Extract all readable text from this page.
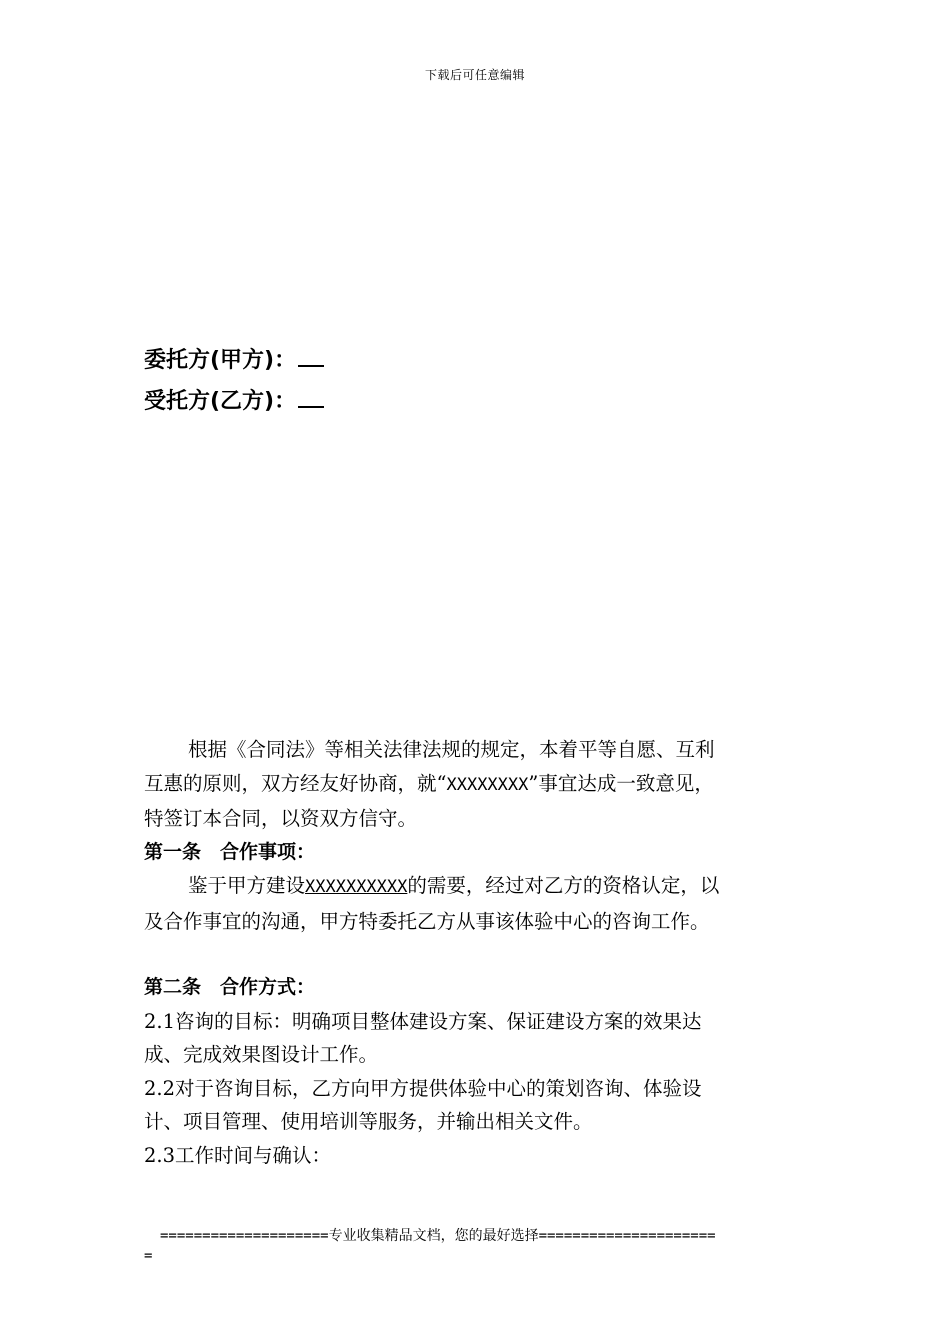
下载后可任意编辑
委托方(甲方)：
受托方(乙方)：
根据《合同法》等相关法律法规的规定，本着平等自愿、互利
互惠的原则，双方经友好协商，就“XXXXXXXX”事宜达成一致意见，
特签订本合同，以资双方信守。
第一条　合作事项：
鉴于甲方建设XXXXXXXXXX的需要，经过对乙方的资格认定，以
及合作事宜的沟通，甲方特委托乙方从事该体验中心的咨询工作。
第二条　合作方式：
2.1咨询的目标：明确项目整体建设方案、保证建设方案的效果达
成、完成效果图设计工作。
2.2对于咨询目标，乙方向甲方提供体验中心的策划咨询、体验设
计、项目管理、使用培训等服务，并输出相关文件。
2.3工作时间与确认：
====================专业收集精品文档，您的最好选择=====================
=
